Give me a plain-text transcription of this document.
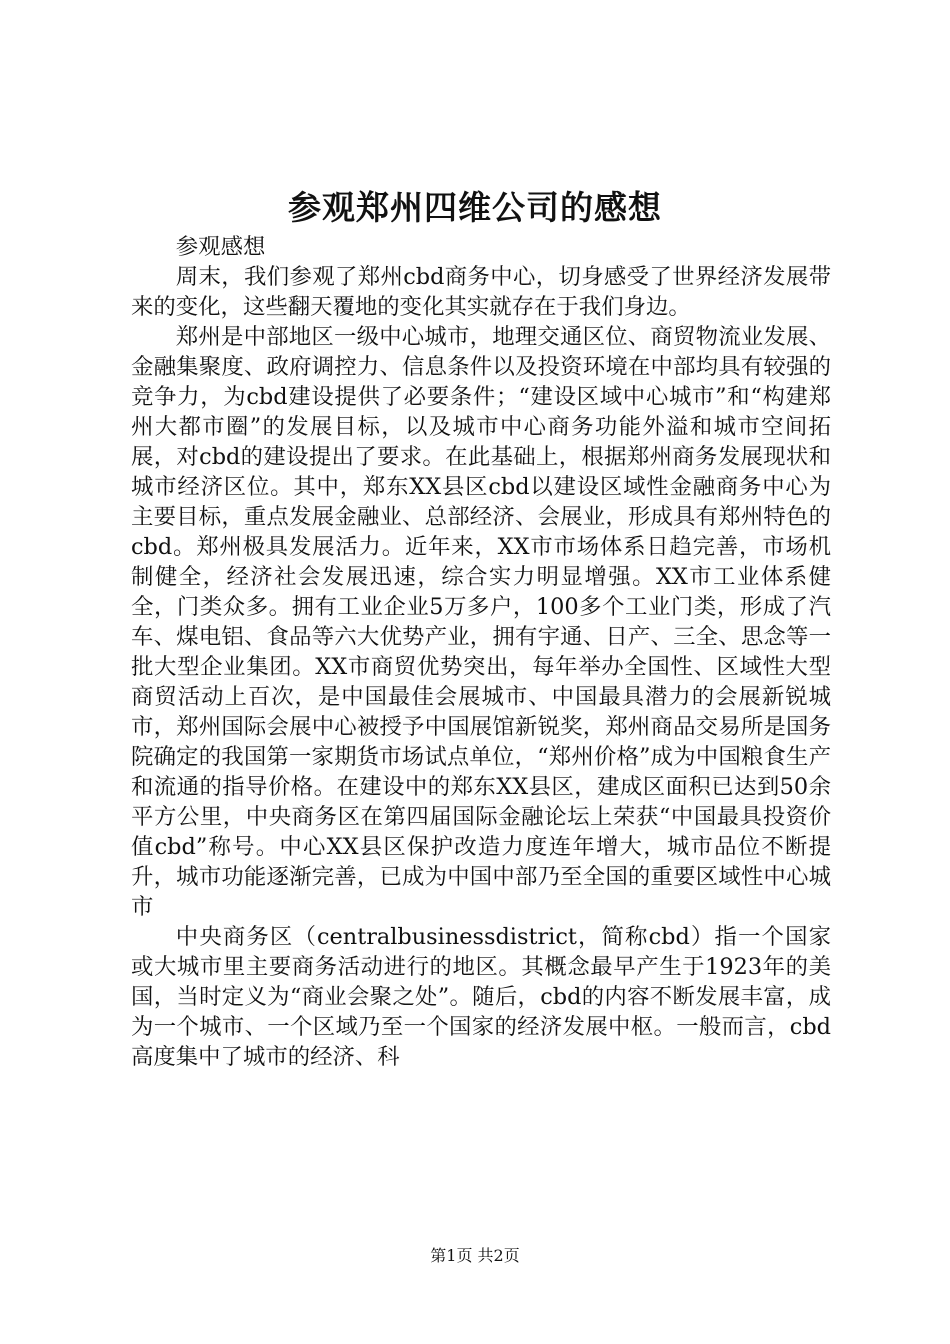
参观郑州四维公司的感想

参观感想

周末，我们参观了郑州cbd商务中心，切身感受了世界经济发展带来的变化，这些翻天覆地的变化其实就存在于我们身边。

郑州是中部地区一级中心城市，地理交通区位、商贸物流业发展、金融集聚度、政府调控力、信息条件以及投资环境在中部均具有较强的竞争力，为cbd建设提供了必要条件；“建设区域中心城市”和“构建郑州大都市圈”的发展目标，以及城市中心商务功能外溢和城市空间拓展，对cbd的建设提出了要求。在此基础上，根据郑州商务发展现状和城市经济区位。其中，郑东XX县区cbd以建设区域性金融商务中心为主要目标，重点发展金融业、总部经济、会展业，形成具有郑州特色的cbd。郑州极具发展活力。近年来，XX市市场体系日趋完善，市场机制健全，经济社会发展迅速，综合实力明显增强。XX市工业体系健全，门类众多。拥有工业企业5万多户，100多个工业门类，形成了汽车、煤电铝、食品等六大优势产业，拥有宇通、日产、三全、思念等一批大型企业集团。XX市商贸优势突出，每年举办全国性、区域性大型商贸活动上百次，是中国最佳会展城市、中国最具潜力的会展新锐城市，郑州国际会展中心被授予中国展馆新锐奖，郑州商品交易所是国务院确定的我国第一家期货市场试点单位，“郑州价格”成为中国粮食生产和流通的指导价格。在建设中的郑东XX县区，建成区面积已达到50余平方公里，中央商务区在第四届国际金融论坛上荣获“中国最具投资价值cbd”称号。中心XX县区保护改造力度连年增大，城市品位不断提升，城市功能逐渐完善，已成为中国中部乃至全国的重要区域性中心城市

中央商务区（centralbusinessdistrict，简称cbd）指一个国家或大城市里主要商务活动进行的地区。其概念最早产生于1923年的美国，当时定义为“商业会聚之处”。随后，cbd的内容不断发展丰富，成为一个城市、一个区域乃至一个国家的经济发展中枢。一般而言，cbd高度集中了城市的经济、科

第1页 共2页
